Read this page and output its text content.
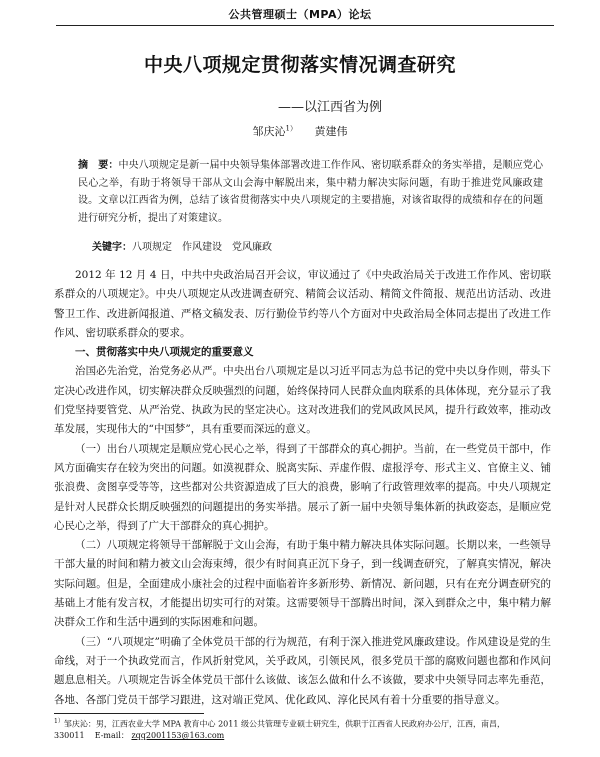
公共管理硕士（MPA）论坛
中央八项规定贯彻落实情况调查研究
——以江西省为例
邹庆沁$^{1)}$ 黄建伟

摘　要：中央八项规定是新一届中央领导集体部署改进工作作风、密切联系群众的务实举措，是顺应党心民心之举，有助于将领导干部从文山会海中解脱出来，集中精力解决实际问题，有助于推进党风廉政建设。文章以江西省为例，总结了该省贯彻落实中央八项规定的主要措施，对该省取得的成绩和存在的问题进行研究分析，提出了对策建议。

关键字：八项规定　作风建设　党风廉政

2012 年 12 月 4 日，中共中央政治局召开会议，审议通过了《中央政治局关于改进工作作风、密切联系群众的八项规定》。中央八项规定从改进调查研究、精简会议活动、精简文件简报、规范出访活动、改进警卫工作、改进新闻报道、严格文稿发表、厉行勤俭节约等八个方面对中央政治局全体同志提出了改进工作作风、密切联系群众的要求。

一、贯彻落实中央八项规定的重要意义

治国必先治党，治党务必从严。中央出台八项规定是以习近平同志为总书记的党中央以身作则，带头下定决心改进作风，切实解决群众反映强烈的问题，始终保持同人民群众血肉联系的具体体现，充分显示了我们党坚持要管党、从严治党、执政为民的坚定决心。这对改进我们的党风政风民风，提升行政效率，推动改革发展，实现伟大的“中国梦”，具有重要而深远的意义。

（一）出台八项规定是顺应党心民心之举，得到了干部群众的真心拥护。当前，在一些党员干部中，作风方面确实存在较为突出的问题。如漠视群众、脱离实际、弄虚作假、虚报浮夸、形式主义、官僚主义、铺张浪费、贪图享受等等，这些都对公共资源造成了巨大的浪费，影响了行政管理效率的提高。中央八项规定是针对人民群众长期反映强烈的问题提出的务实举措。展示了新一届中央领导集体新的执政姿态，是顺应党心民心之举，得到了广大干部群众的真心拥护。

（二）八项规定将领导干部解脱于文山会海，有助于集中精力解决具体实际问题。长期以来，一些领导干部大量的时间和精力被文山会海束缚，很少有时间真正沉下身子，到一线调查研究，了解真实情况，解决实际问题。但是，全面建成小康社会的过程中面临着许多新形势、新情况、新问题，只有在充分调查研究的基础上才能有发言权，才能提出切实可行的对策。这需要领导干部腾出时间，深入到群众之中，集中精力解决群众工作和生活中遇到的实际困难和问题。

（三）“八项规定”明确了全体党员干部的行为规范，有利于深入推进党风廉政建设。作风建设是党的生命线，对于一个执政党而言，作风折射党风，关乎政风，引领民风，很多党员干部的腐败问题也都和作风问题息息相关。八项规定告诉全体党员干部什么该做、该怎么做和什么不该做，要求中央领导同志率先垂范，各地、各部门党员干部学习跟进，这对端正党风、优化政风、淳化民风有着十分重要的指导意义。

$^{1)}$邹庆沁：男，江西农业大学 MPA 教育中心 2011 级公共管理专业硕士研究生，供职于江西省人民政府办公厅，江西，南昌，
330011 E-mail： zqq2001153@163.com
